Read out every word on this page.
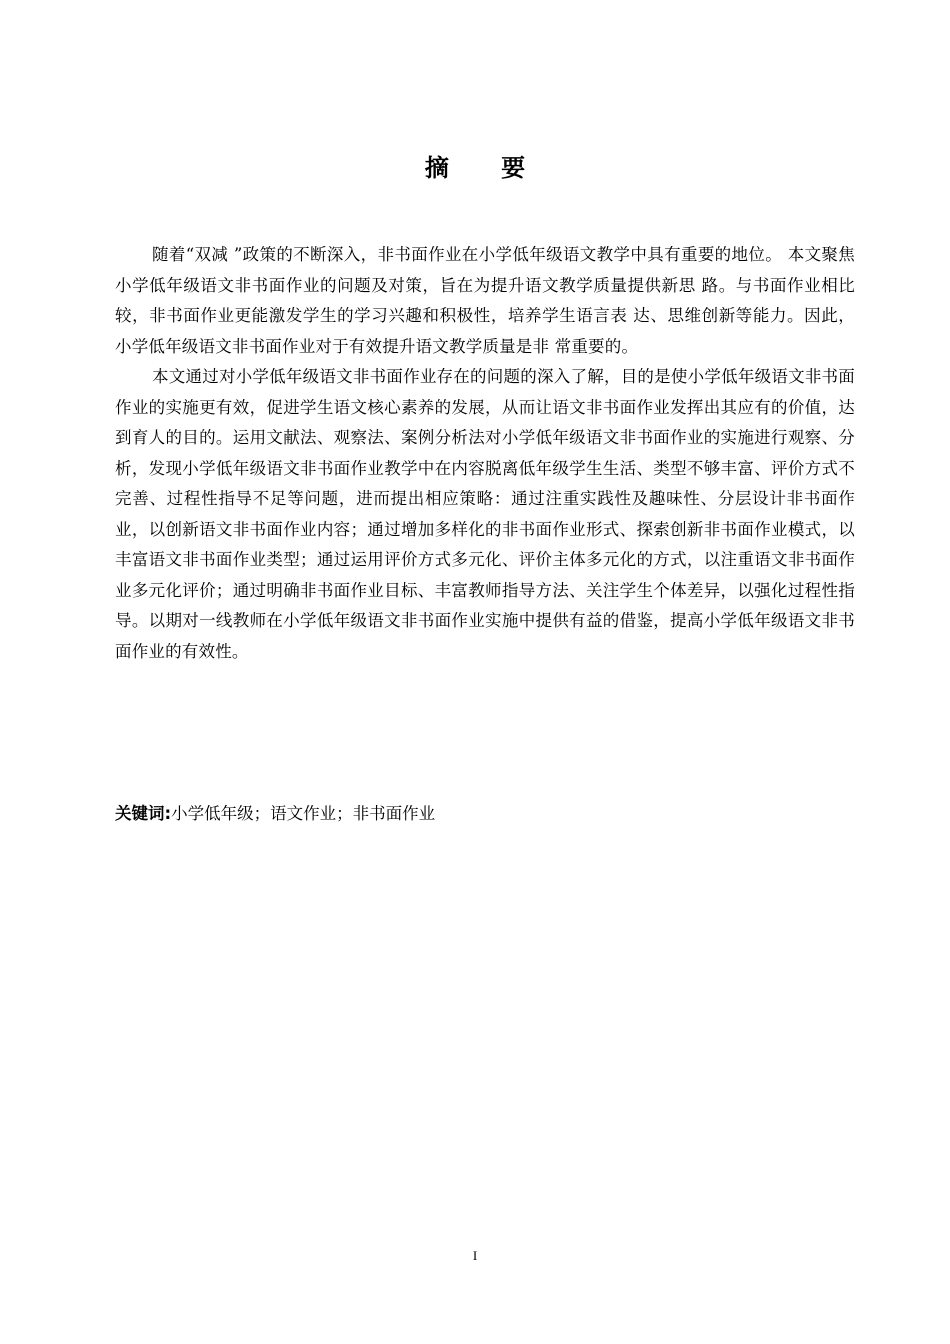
摘 要

随着“双减 ”政策的不断深入，非书面作业在小学低年级语文教学中具有重要的地位。 本文聚焦小学低年级语文非书面作业的问题及对策，旨在为提升语文教学质量提供新思 路。与书面作业相比较，非书面作业更能激发学生的学习兴趣和积极性，培养学生语言表 达、思维创新等能力。因此，小学低年级语文非书面作业对于有效提升语文教学质量是非 常重要的。

本文通过对小学低年级语文非书面作业存在的问题的深入了解，目的是使小学低年级语文非书面作业的实施更有效，促进学生语文核心素养的发展，从而让语文非书面作业发挥出其应有的价值，达到育人的目的。运用文献法、观察法、案例分析法对小学低年级语文非书面作业的实施进行观察、分析，发现小学低年级语文非书面作业教学中在内容脱离低年级学生生活、类型不够丰富、评价方式不完善、过程性指导不足等问题，进而提出相应策略：通过注重实践性及趣味性、分层设计非书面作业，以创新语文非书面作业内容；通过增加多样化的非书面作业形式、探索创新非书面作业模式，以丰富语文非书面作业类型；通过运用评价方式多元化、评价主体多元化的方式，以注重语文非书面作业多元化评价；通过明确非书面作业目标、丰富教师指导方法、关注学生个体差异，以强化过程性指导。以期对一线教师在小学低年级语文非书面作业实施中提供有益的借鉴，提高小学低年级语文非书面作业的有效性。

关键词:小学低年级；语文作业；非书面作业
I
